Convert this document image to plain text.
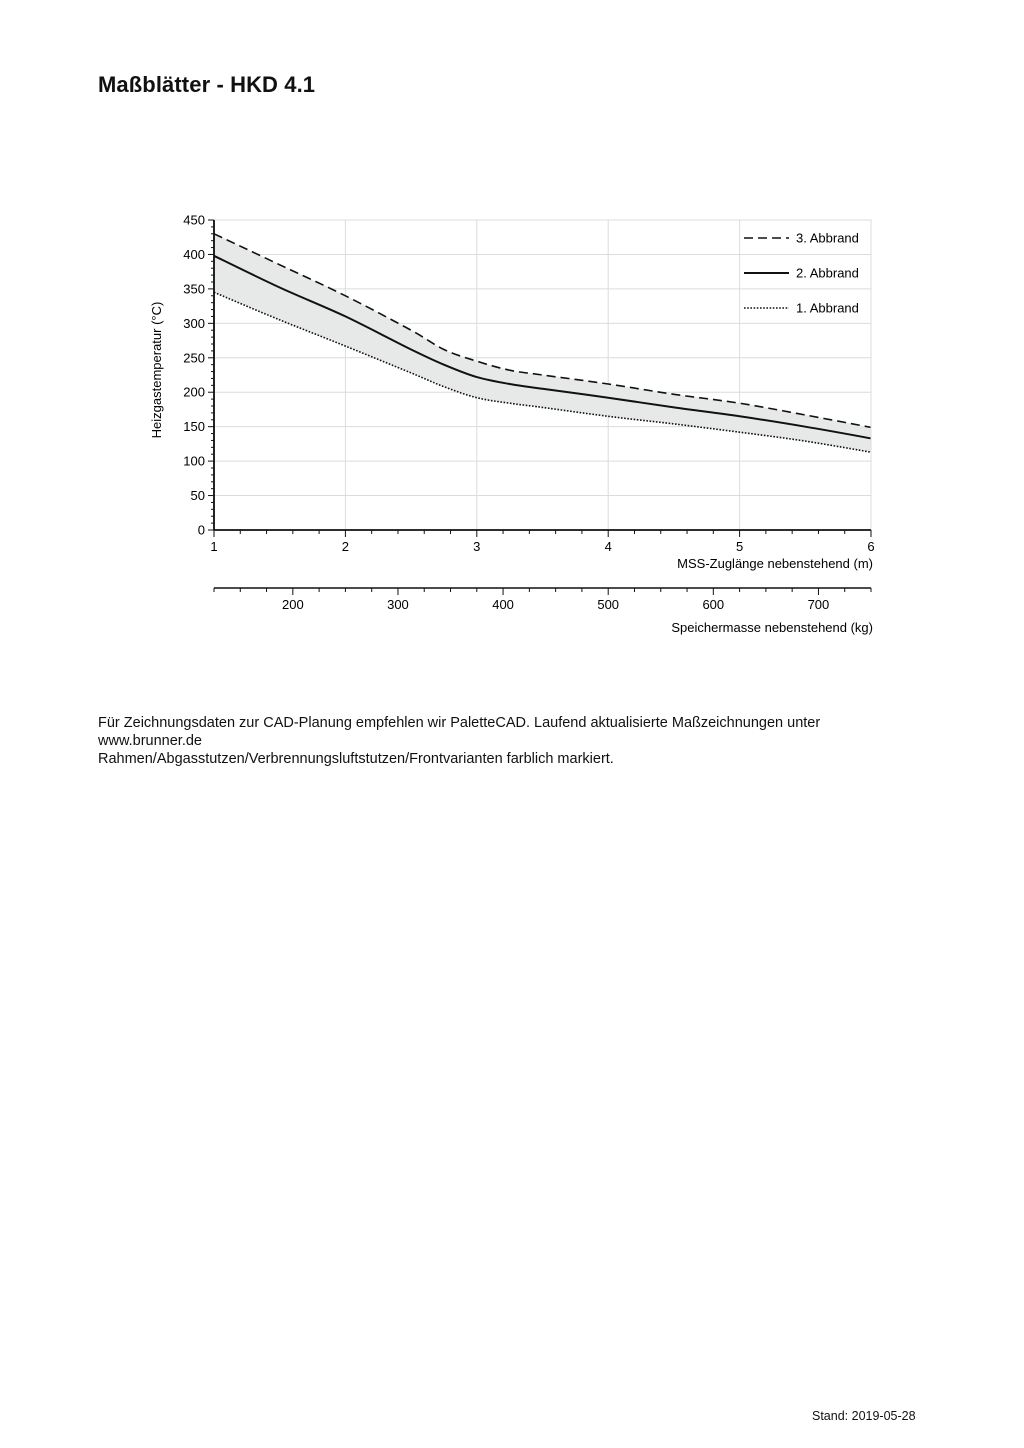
Maßblätter - HKD 4.1
0
50
100
150
200
250
300
350
400
450
1	2	3	4	5	6
MSS-Zuglänge nebenstehend (m)
Heizgastemperatur (°C)
200	300	400	500	600	700
Speichermasse nebenstehend (kg)
3. Abbrand
2. Abbrand
1. Abbrand

Für Zeichnungsdaten zur CAD-Planung empfehlen wir PaletteCAD. Laufend aktualisierte Maßzeichnungen unter

www.brunner.de

Rahmen/Abgasstutzen/Verbrennungsluftstutzen/Frontvarianten farblich markiert.

Stand: 2019-05-28
